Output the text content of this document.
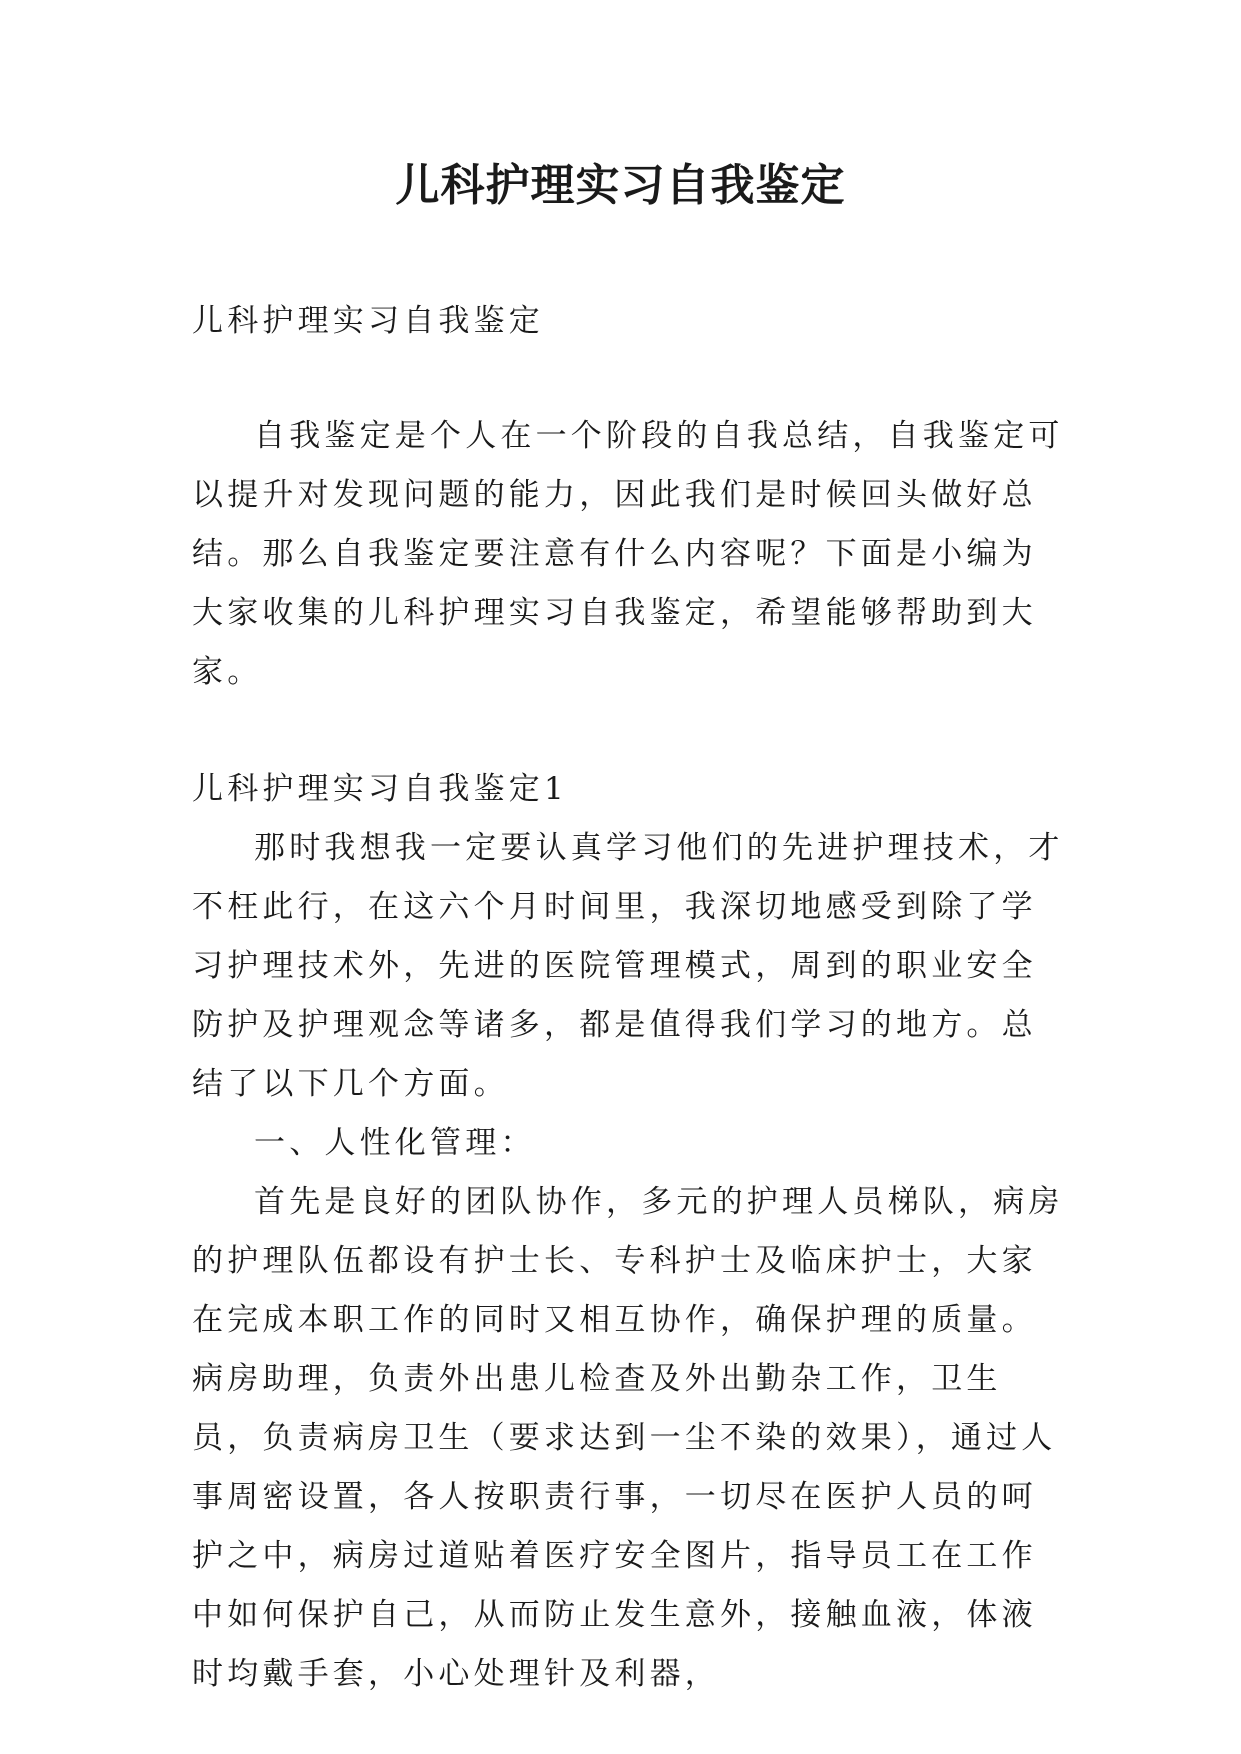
儿科护理实习自我鉴定

儿科护理实习自我鉴定

自我鉴定是个人在一个阶段的自我总结，自我鉴定可以提升对发现问题的能力，因此我们是时候回头做好总结。那么自我鉴定要注意有什么内容呢？下面是小编为大家收集的儿科护理实习自我鉴定，希望能够帮助到大家。

儿科护理实习自我鉴定1

那时我想我一定要认真学习他们的先进护理技术，才不枉此行，在这六个月时间里，我深切地感受到除了学习护理技术外，先进的医院管理模式，周到的职业安全防护及护理观念等诸多，都是值得我们学习的地方。总结了以下几个方面。

一、人性化管理：

首先是良好的团队协作，多元的护理人员梯队，病房的护理队伍都设有护士长、专科护士及临床护士，大家在完成本职工作的同时又相互协作，确保护理的质量。病房助理，负责外出患儿检查及外出勤杂工作，卫生员，负责病房卫生（要求达到一尘不染的效果），通过人事周密设置，各人按职责行事，一切尽在医护人员的呵护之中，病房过道贴着医疗安全图片，指导员工在工作中如何保护自己，从而防止发生意外，接触血液，体液时均戴手套，小心处理针及利器，
